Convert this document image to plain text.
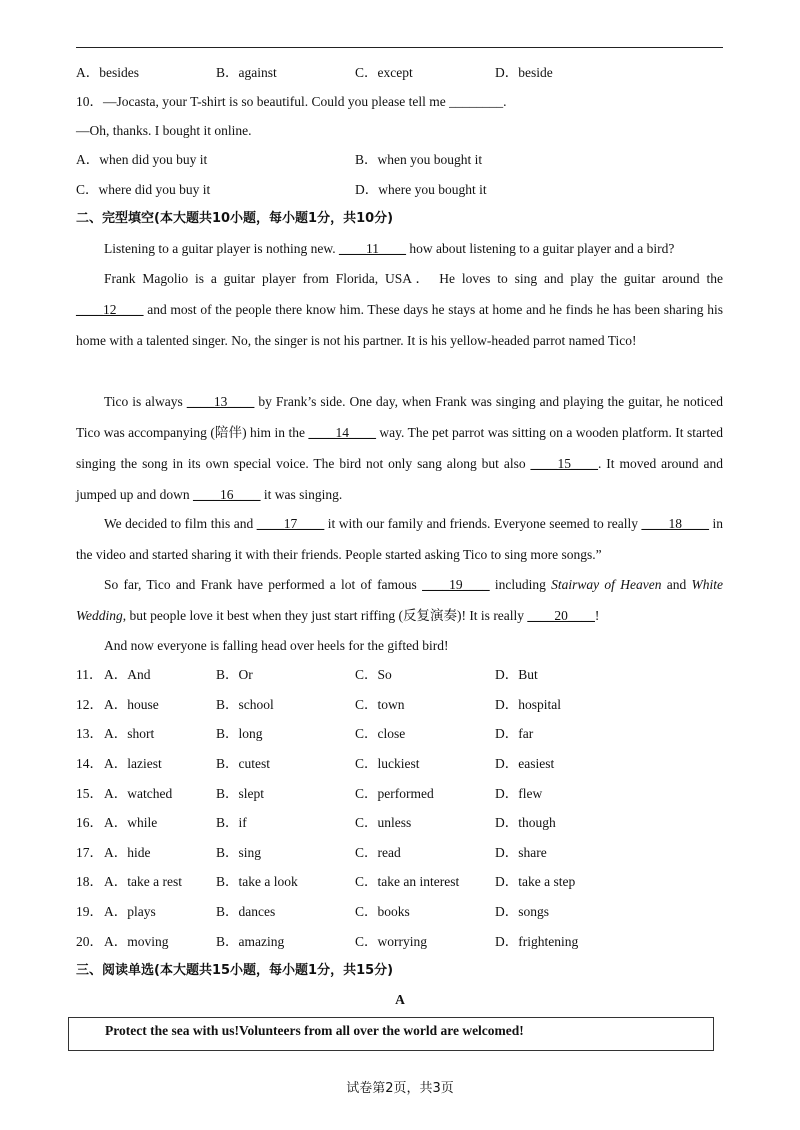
A．besides	B．against	C．except	D．beside
10．—Jocasta, your T-shirt is so beautiful. Could you please tell me ________.
—Oh, thanks. I bought it online.
A．when did you buy it	B．when you bought it
C．where did you buy it	D．where you bought it
二、完型填空(本大题共10小题，每小题1分，共10分)
Listening to a guitar player is nothing new. ____11____ how about listening to a guitar player and a bird?
Frank Magolio is a guitar player from Florida, USA． He loves to sing and play the guitar around the ____12____ and most of the people there know him. These days he stays at home and he finds he has been sharing his home with a talented singer. No, the singer is not his partner. It is his yellow-headed parrot named Tico!
Tico is always ____13____ by Frank’s side. One day, when Frank was singing and playing the guitar, he noticed Tico was accompanying (陪伴) him in the ____14____ way. The pet parrot was sitting on a wooden platform. It started singing the song in its own special voice. The bird not only sang along but also ____15____. It moved around and jumped up and down ____16____ it was singing.
We decided to film this and ____17____ it with our family and friends. Everyone seemed to really ____18____ in the video and started sharing it with their friends. People started asking Tico to sing more songs.”
So far, Tico and Frank have performed a lot of famous ____19____ including Stairway of Heaven and White Wedding, but people love it best when they just start riffing (反复演奏)! It is really ____20____!
And now everyone is falling head over heels for the gifted bird!
11． A．And	B．Or	C．So	D．But
12． A．house	B．school	C．town	D．hospital
13． A．short	B．long	C．close	D．far
14． A．laziest	B．cutest	C．luckiest	D．easiest
15． A．watched	B．slept	C．performed	D．flew
16． A．while	B．if	C．unless	D．though
17． A．hide	B．sing	C．read	D．share
18． A．take a rest	B．take a look	C．take an interest	D．take a step
19． A．plays	B．dances	C．books	D．songs
20． A．moving	B．amazing	C．worrying	D．frightening
三、阅读单选(本大题共15小题，每小题1分，共15分)
A
Protect the sea with us!Volunteers from all over the world are welcomed!
试卷第2页，共3页
